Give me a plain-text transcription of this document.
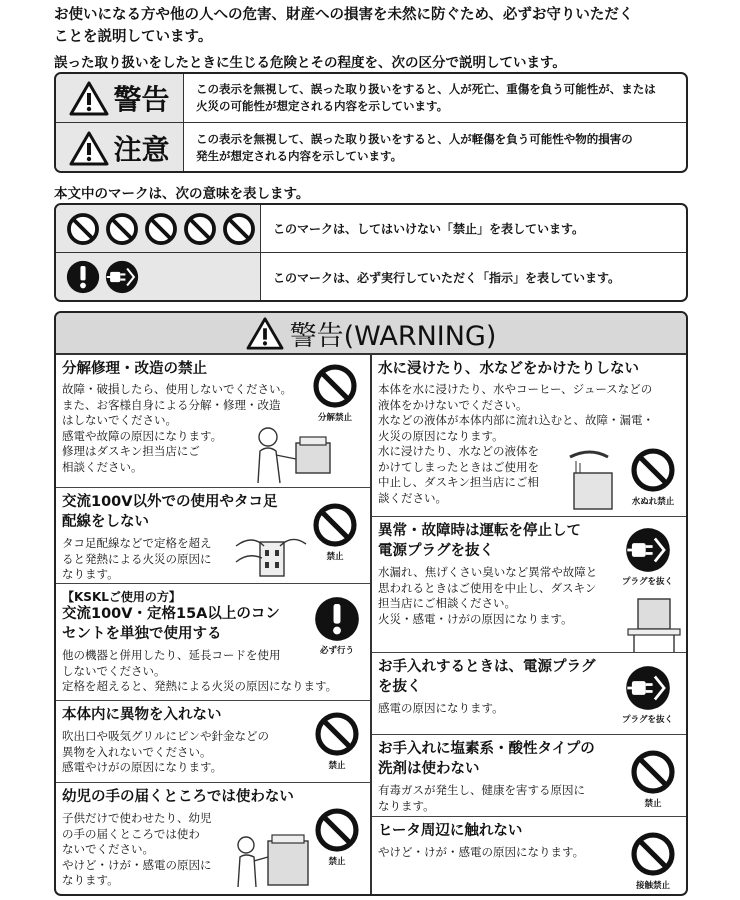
お使いになる方や他の人への危害、財産への損害を未然に防ぐため、必ずお守りいただく
ことを説明しています。
誤った取り扱いをしたときに生じる危険とその程度を、次の区分で説明しています。
警告 この表示を無視して、誤った取り扱いをすると、人が死亡、重傷を負う可能性が、または
火災の可能性が想定される内容を示しています。
注意 この表示を無視して、誤った取り扱いをすると、人が軽傷を負う可能性や物的損害の
発生が想定される内容を示しています。
本文中のマークは、次の意味を表します。
このマークは、してはいけない「禁止」を表しています。
このマークは、必ず実行していただく「指示」を表しています。
警告(WARNING)
分解修理・改造の禁止
故障・破損したら、使用しないでください。
また、お客様自身による分解・修理・改造
はしないでください。
感電や故障の原因になります。
修理はダスキン担当店にご
相談ください。
分解禁止
交流100V以外での使用やタコ足
配線をしない
タコ足配線などで定格を超え
ると発熱による火災の原因に
なります。
禁止
【KSKLご使用の方】
交流100V・定格15A以上のコン
セントを単独で使用する
他の機器と併用したり、延長コードを使用
しないでください。
定格を超えると、発熱による火災の原因になります。
必ず行う
本体内に異物を入れない
吹出口や吸気グリルにピンや針金などの
異物を入れないでください。
感電やけがの原因になります。	禁止
幼児の手の届くところでは使わない
子供だけで使わせたり、幼児
の手の届くところでは使わ
ないでください。
やけど・けが・感電の原因に
なります。
禁止
水に浸けたり、水などをかけたりしない
本体を水に浸けたり、水やコーヒー、ジュースなどの
液体をかけないでください。
水などの液体が本体内部に流れ込むと、故障・漏電・
火災の原因になります。
水に浸けたり、水などの液体を
かけてしまったときはご使用を
中止し、ダスキン担当店にご相
談ください。	水ぬれ禁止
異常・故障時は運転を停止して
電源プラグを抜く
水漏れ、焦げくさい臭いなど異常や故障と
思われるときはご使用を中止し、ダスキン
担当店にご相談ください。
火災・感電・けがの原因になります。
プラグを抜く
お手入れするときは、電源プラグ
を抜く
感電の原因になります。
プラグを抜く
お手入れに塩素系・酸性タイプの
洗剤は使わない
有毒ガスが発生し、健康を害する原因に
なります。	禁止
ヒータ周辺に触れない
やけど・けが・感電の原因になります。
接触禁止
